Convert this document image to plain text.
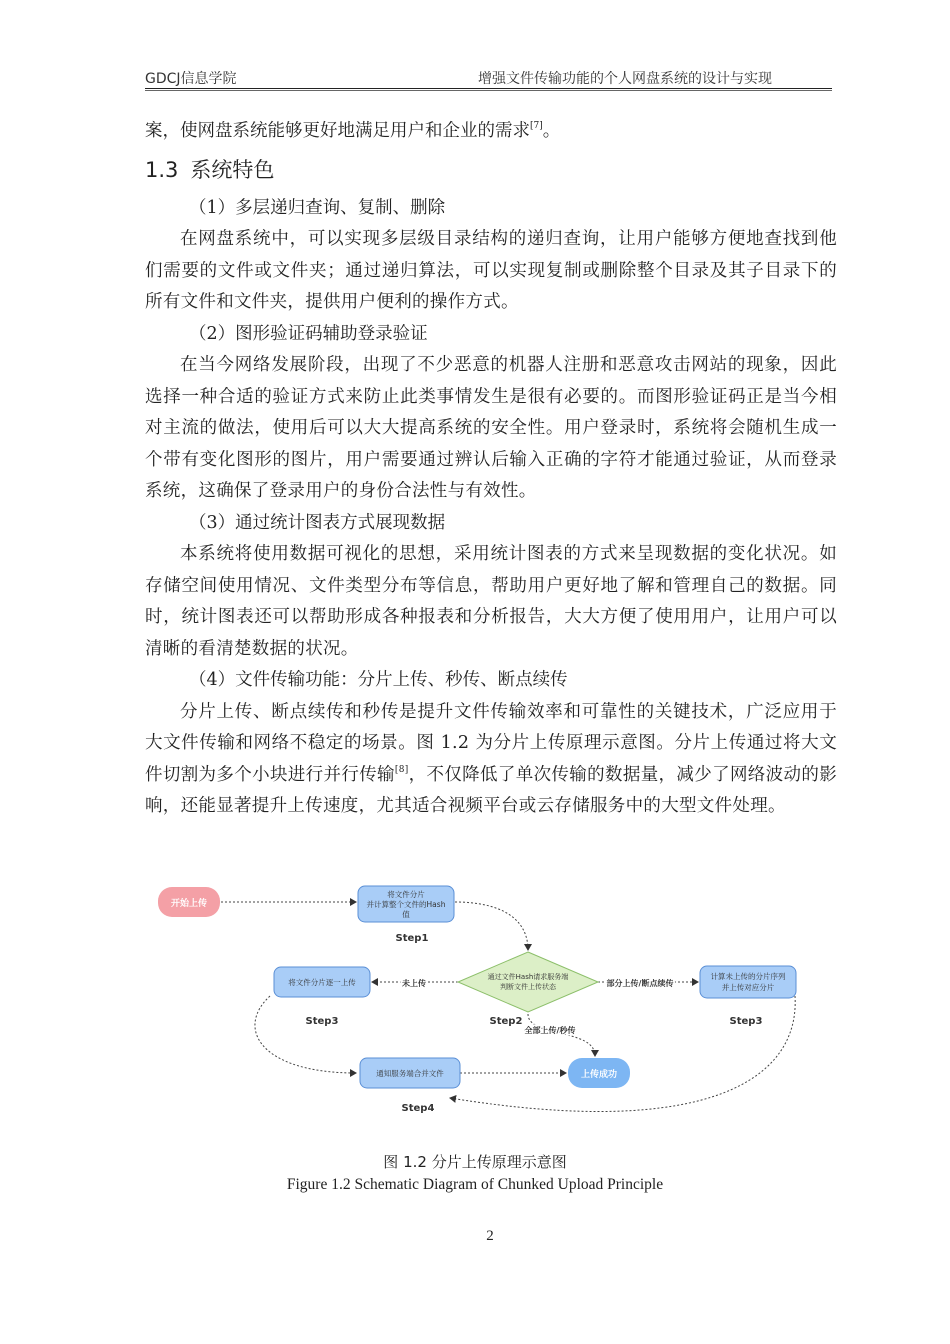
GDCJ信息学院	增强文件传输功能的个人网盘系统的设计与实现
案，使网盘系统能够更好地满足用户和企业的需求[7]。
1.3 系统特色

（1）多层递归查询、复制、删除

在网盘系统中，可以实现多层级目录结构的递归查询，让用户能够方便地查找到他们需要的文件或文件夹；通过递归算法，可以实现复制或删除整个目录及其子目录下的所有文件和文件夹，提供用户便利的操作方式。

（2）图形验证码辅助登录验证

在当今网络发展阶段，出现了不少恶意的机器人注册和恶意攻击网站的现象，因此选择一种合适的验证方式来防止此类事情发生是很有必要的。而图形验证码正是当今相对主流的做法，使用后可以大大提高系统的安全性。用户登录时，系统将会随机生成一个带有变化图形的图片，用户需要通过辨认后输入正确的字符才能通过验证，从而登录系统，这确保了登录用户的身份合法性与有效性。

（3）通过统计图表方式展现数据

本系统将使用数据可视化的思想，采用统计图表的方式来呈现数据的变化状况。如存储空间使用情况、文件类型分布等信息，帮助用户更好地了解和管理自己的数据。同时，统计图表还可以帮助形成各种报表和分析报告，大大方便了使用用户，让用户可以清晰的看清楚数据的状况。

（4）文件传输功能：分片上传、秒传、断点续传

分片上传、断点续传和秒传是提升文件传输效率和可靠性的关键技术，广泛应用于大文件传输和网络不稳定的场景。图 1.2 为分片上传原理示意图。分片上传通过将大文件切割为多个小块进行并行传输[8]，不仅降低了单次传输的数据量，减少了网络波动的影响，还能显著提升上传速度，尤其适合视频平台或云存储服务中的大型文件处理。

开始上传
将文件分片
并计算整个文件的Hash
值
Step1
通过文件Hash请求服务端
判断文件上传状态
Step2
将文件分片逐一上传	未上传
Step3
计算未上传的分片序列
并上传对应分片
部分上传/断点续传
Step3
全部上传/秒传
通知服务端合并文件
Step4
上传成功
图 1.2 分片上传原理示意图
Figure 1.2 Schematic Diagram of Chunked Upload Principle
2
